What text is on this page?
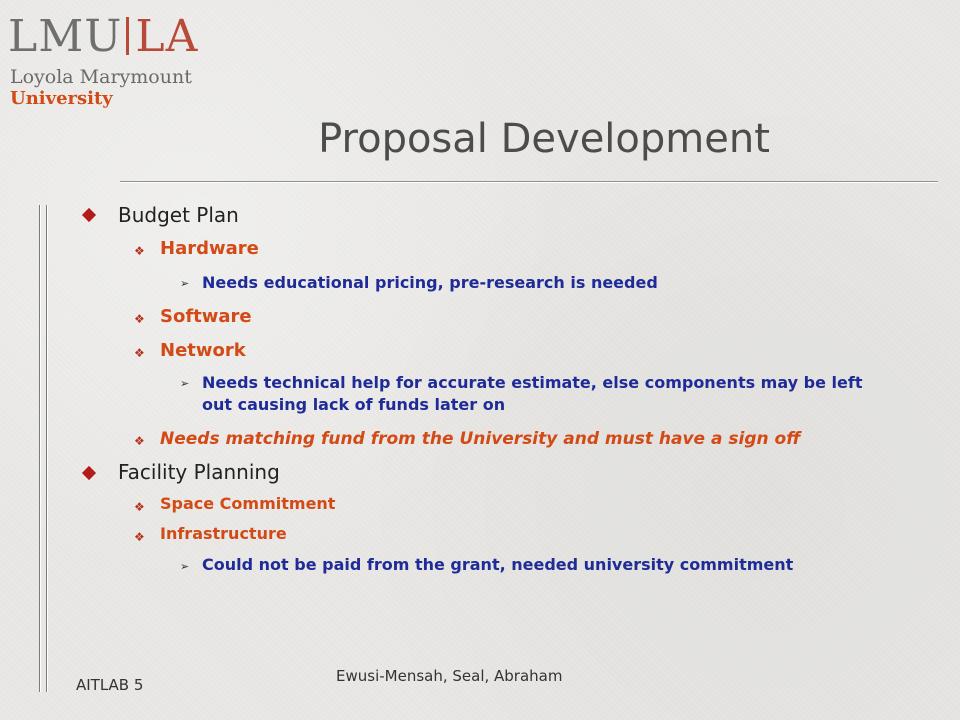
LMU LA
Loyola Marymount
University
Proposal Development
Budget Plan
❖ Hardware
➢ Needs educational pricing, pre-research is needed
❖ Software
❖ Network
➢ Needs technical help for accurate estimate, else components may be left out causing lack of funds later on
❖ Needs matching fund from the University and must have a sign off
Facility Planning
❖ Space Commitment
❖ Infrastructure
➢ Could not be paid from the grant, needed university commitment
AITLAB 5	Ewusi-Mensah, Seal, Abraham
